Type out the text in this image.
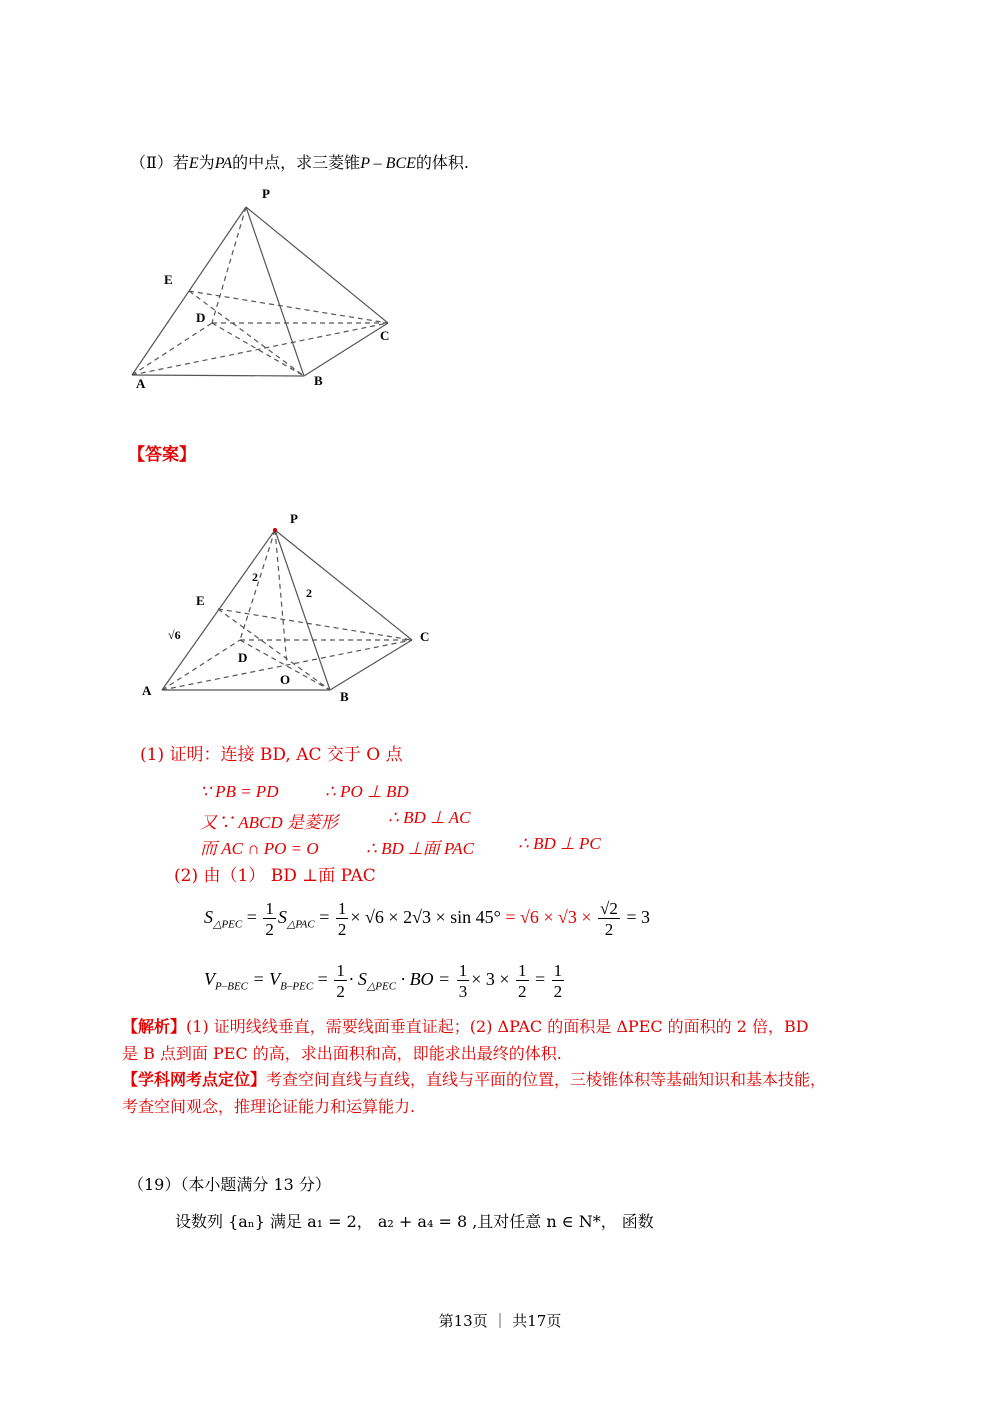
（Ⅱ）若E为PA的中点，求三菱锥P – BCE的体积.
P
E
D
C
A	B
【答案】
P
E
D
C
A	B
O
2
2
√6
(1) 证明：连接 BD, AC 交于 O 点
∵ PB = PD	∴ PO ⊥ BD
又∵ ABCD 是菱形	∴ BD ⊥ AC
而 AC ∩ PO = O	∴ BD ⊥面 PAC	∴ BD ⊥ PC
(2) 由（1） BD ⊥面 PAC
$S_{\triangle PEC} = \frac{1}{2} S_{\triangle PAC} = \frac{1}{2} \times √6 \times 2√3 \times \sin 45^\circ = √6 \times √3 \times \frac{√2}{2} = 3$
$V_{P-BEC} = V_{B-PEC} = \frac{1}{2} \cdot S_{\triangle PEC}$ · BO = $\frac{1}{3} \times 3 \times \frac{1}{2} = \frac{1}{2}$
【解析】(1) 证明线线垂直，需要线面垂直证起；(2) ΔPAC 的面积是 ΔPEC 的面积的 2 倍，BD
是 B 点到面 PEC 的高，求出面积和高，即能求出最终的体积.
【学科网考点定位】考查空间直线与直线，直线与平面的位置，三棱锥体积等基础知识和基本技能，
考查空间观念，推理论证能力和运算能力.
（19）（本小题满分 13 分）
设数列 {aₙ} 满足 a₁ = 2， a₂ + a₄ = 8 ,且对任意 n ∈ N*， 函数
第13页 ｜ 共17页
